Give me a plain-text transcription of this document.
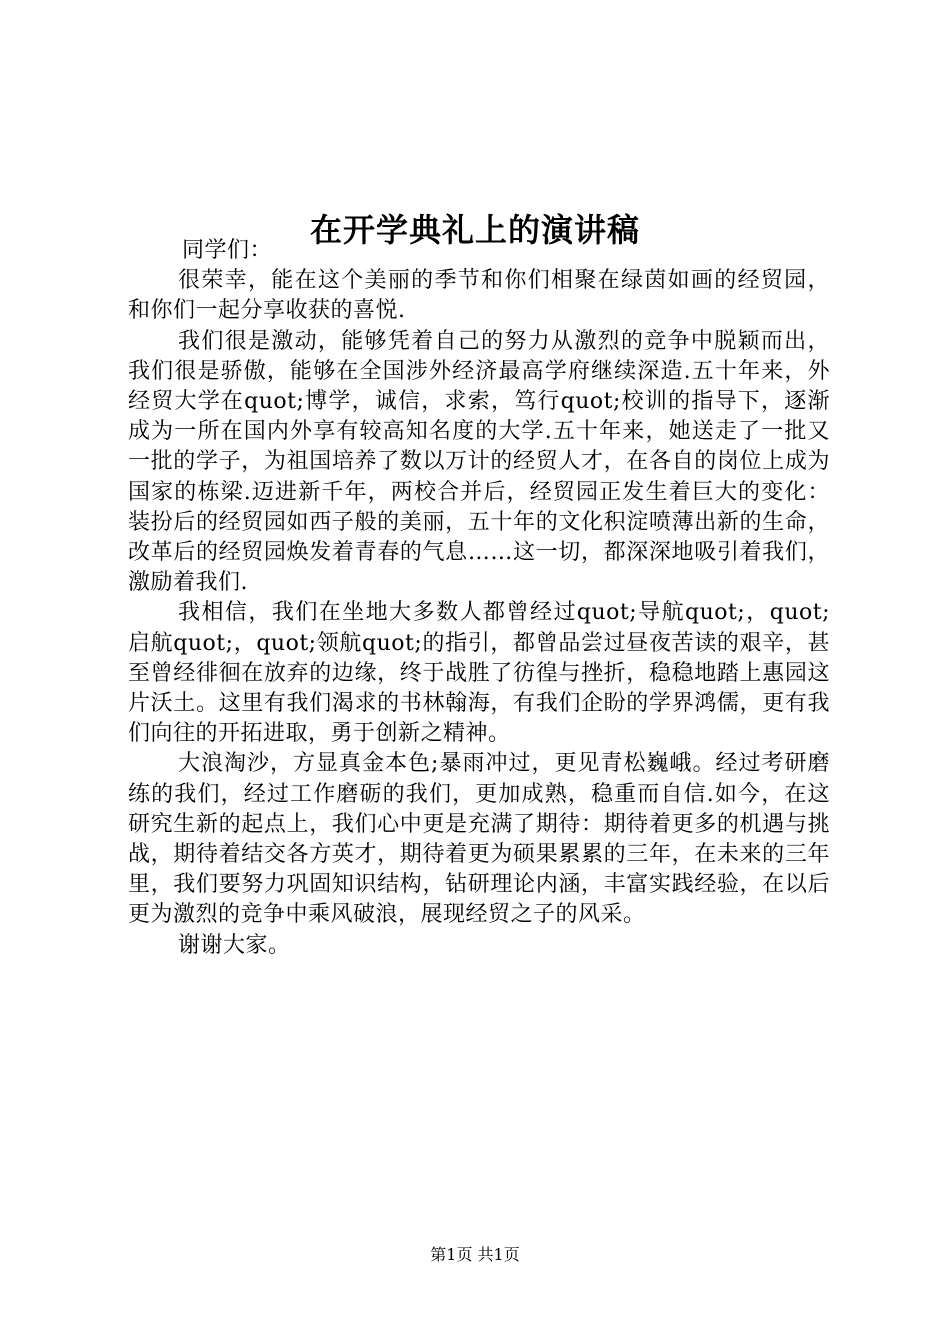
在开学典礼上的演讲稿

同学们：

很荣幸，能在这个美丽的季节和你们相聚在绿茵如画的经贸园，和你们一起分享收获的喜悦.

我们很是激动，能够凭着自己的努力从激烈的竞争中脱颖而出，我们很是骄傲，能够在全国涉外经济最高学府继续深造.五十年来，外经贸大学在quot;博学，诚信，求索，笃行quot;校训的指导下，逐渐成为一所在国内外享有较高知名度的大学.五十年来，她送走了一批又一批的学子，为祖国培养了数以万计的经贸人才，在各自的岗位上成为国家的栋梁.迈进新千年，两校合并后，经贸园正发生着巨大的变化：装扮后的经贸园如西子般的美丽，五十年的文化积淀喷薄出新的生命，改革后的经贸园焕发着青春的气息……这一切，都深深地吸引着我们，激励着我们.

我相信，我们在坐地大多数人都曾经过quot;导航quot;，quot;启航quot;，quot;领航quot;的指引，都曾品尝过昼夜苦读的艰辛，甚至曾经徘徊在放弃的边缘，终于战胜了彷徨与挫折，稳稳地踏上惠园这片沃土。这里有我们渴求的书林翰海，有我们企盼的学界鸿儒，更有我们向往的开拓进取，勇于创新之精神。

大浪淘沙，方显真金本色;暴雨冲过，更见青松巍峨。经过考研磨练的我们，经过工作磨砺的我们，更加成熟，稳重而自信.如今，在这研究生新的起点上，我们心中更是充满了期待：期待着更多的机遇与挑战，期待着结交各方英才，期待着更为硕果累累的三年，在未来的三年里，我们要努力巩固知识结构，钻研理论内涵，丰富实践经验，在以后更为激烈的竞争中乘风破浪，展现经贸之子的风采。

谢谢大家。

第1页 共1页
